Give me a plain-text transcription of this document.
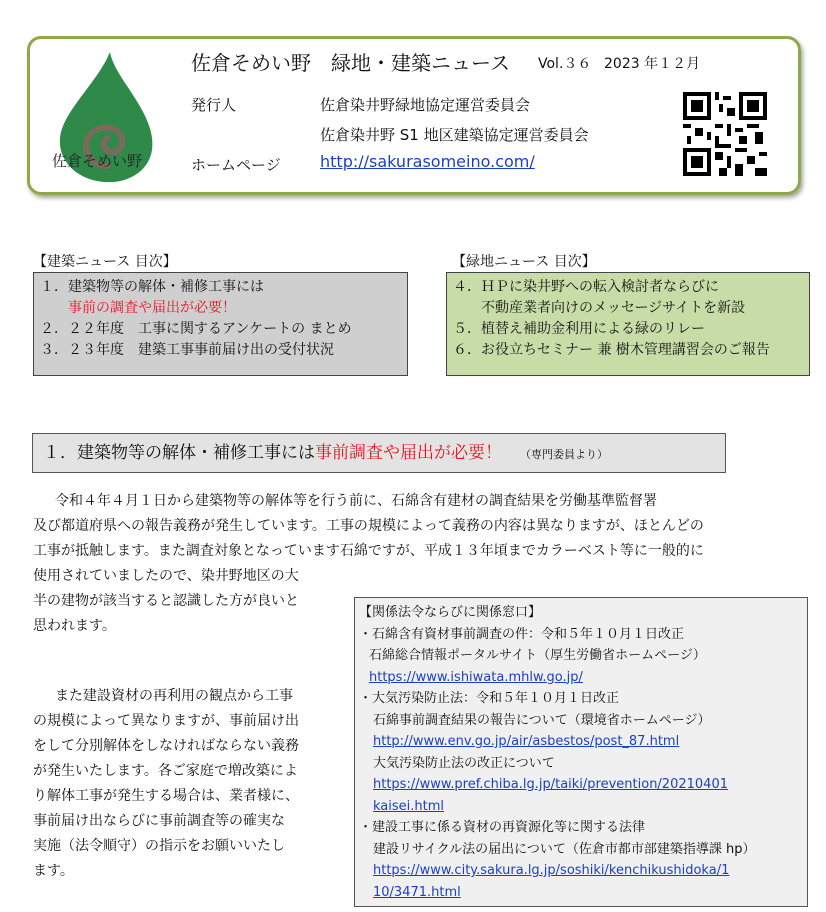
佐倉そめい野
佐倉そめい野　緑地・建築ニュース Vol.３６ 2023 年１２月
発行人	佐倉染井野緑地協定運営委員会
佐倉染井野 S1 地区建築協定運営委員会
ホームページ http://sakurasomeino.com/
【建築ニュース 目次】
１．建築物等の解体・補修工事には
事前の調査や届出が必要！
２．２２年度　工事に関するアンケートの まとめ
３．２３年度　建築工事事前届け出の受付状況
【緑地ニュース 目次】
４．ＨＰに染井野への転入検討者ならびに
不動産業者向けのメッセージサイトを新設
５．植替え補助金利用による緑のリレー
６．お役立ちセミナー 兼 樹木管理講習会のご報告
１．建築物等の解体・補修工事には事前調査や届出が必要！ （専門委員より）
令和４年４月１日から建築物等の解体等を行う前に、石綿含有建材の調査結果を労働基準監督署
及び都道府県への報告義務が発生しています。工事の規模によって義務の内容は異なりますが、ほとんどの
工事が抵触します。また調査対象となっています石綿ですが、平成１３年頃までカラーベスト等に一般的に
使用されていましたので、染井野地区の大
半の建物が該当すると認識した方が良いと
思われます。
また建設資材の再利用の観点から工事
の規模によって異なりますが、事前届け出
をして分別解体をしなければならない義務
が発生いたします。各ご家庭で増改築によ
り解体工事が発生する場合は、業者様に、
事前届け出ならびに事前調査等の確実な
実施（法令順守）の指示をお願いいたし
ます。
【関係法令ならびに関係窓口】
・石綿含有資材事前調査の件：令和５年１０月１日改正
石綿総合情報ポータルサイト（厚生労働省ホームページ）
https://www.ishiwata.mhlw.go.jp/
・大気汚染防止法：令和５年１０月１日改正
石綿事前調査結果の報告について（環境省ホームページ）
http://www.env.go.jp/air/asbestos/post_87.html
大気汚染防止法の改正について
https://www.pref.chiba.lg.jp/taiki/prevention/20210401
kaisei.html
・建設工事に係る資材の再資源化等に関する法律
建設リサイクル法の届出について（佐倉市都市部建築指導課 hp）
https://www.city.sakura.lg.jp/soshiki/kenchikushidoka/1
10/3471.html
